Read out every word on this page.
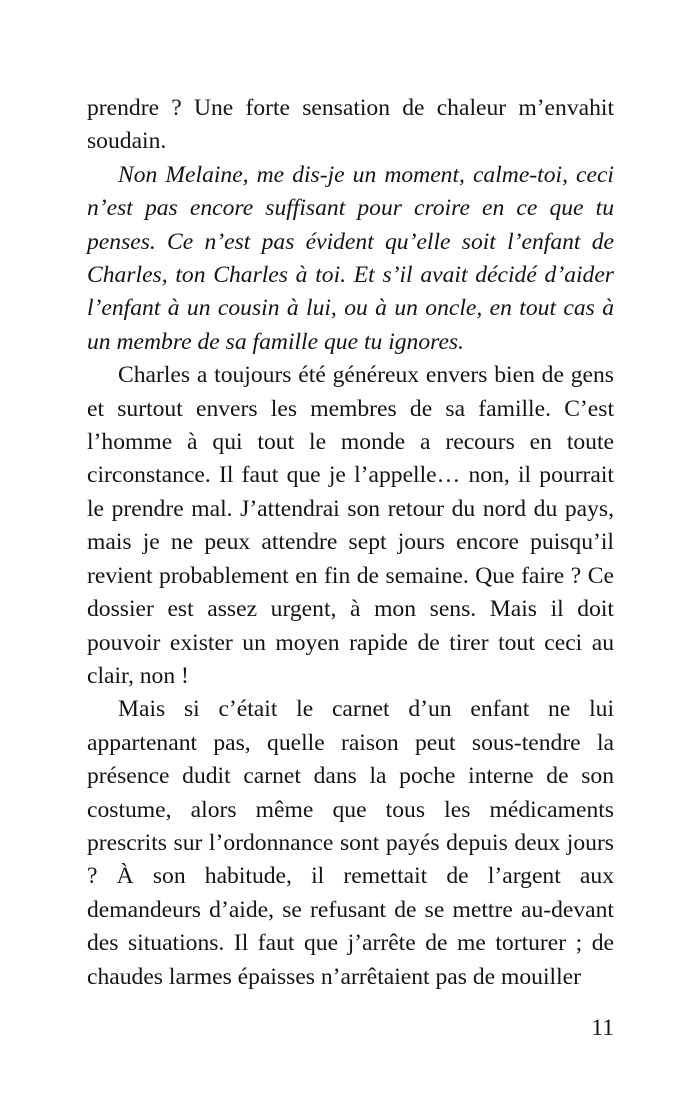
prendre ? Une forte sensation de chaleur m’envahit soudain.

Non Melaine, me dis-je un moment, calme-toi, ceci n’est pas encore suffisant pour croire en ce que tu penses. Ce n’est pas évident qu’elle soit l’enfant de Charles, ton Charles à toi. Et s’il avait décidé d’aider l’enfant à un cousin à lui, ou à un oncle, en tout cas à un membre de sa famille que tu ignores.

Charles a toujours été généreux envers bien de gens et surtout envers les membres de sa famille. C’est l’homme à qui tout le monde a recours en toute circonstance. Il faut que je l’appelle… non, il pourrait le prendre mal. J’attendrai son retour du nord du pays, mais je ne peux attendre sept jours encore puisqu’il revient probablement en fin de semaine. Que faire ? Ce dossier est assez urgent, à mon sens. Mais il doit pouvoir exister un moyen rapide de tirer tout ceci au clair, non !

Mais si c’était le carnet d’un enfant ne lui appartenant pas, quelle raison peut sous-tendre la présence dudit carnet dans la poche interne de son costume, alors même que tous les médicaments prescrits sur l’ordonnance sont payés depuis deux jours ? À son habitude, il remettait de l’argent aux demandeurs d’aide, se refusant de se mettre au-devant des situations. Il faut que j’arrête de me torturer ; de chaudes larmes épaisses n’arrêtaient pas de mouiller

11
